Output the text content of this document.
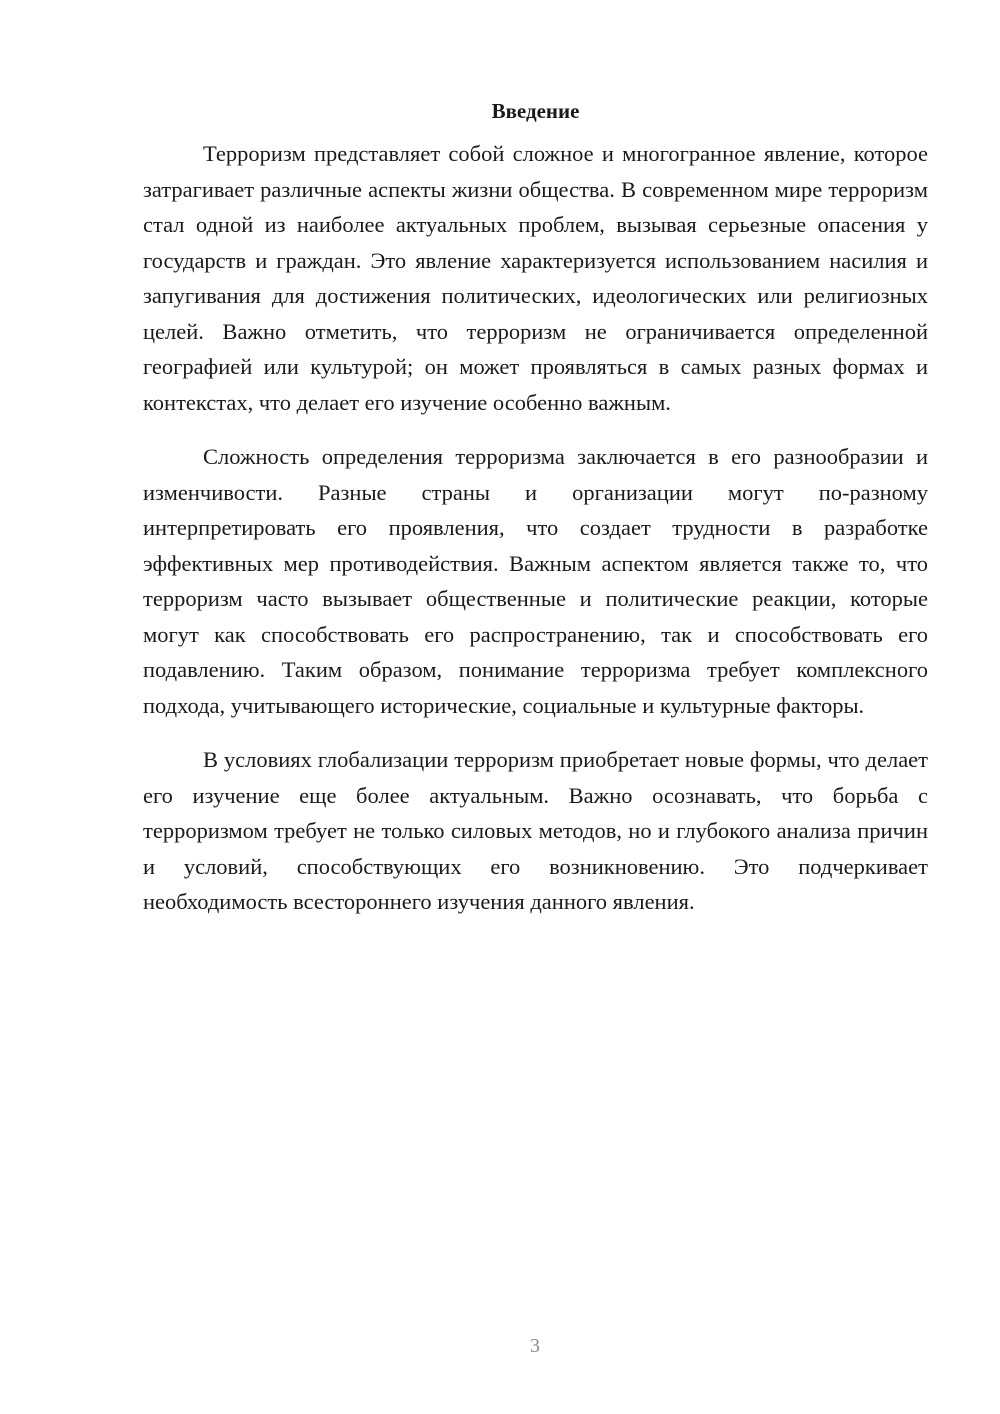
Введение

Терроризм представляет собой сложное и многогранное явление, которое затрагивает различные аспекты жизни общества. В современном мире терроризм стал одной из наиболее актуальных проблем, вызывая серьезные опасения у государств и граждан. Это явление характеризуется использованием насилия и запугивания для достижения политических, идеологических или религиозных целей. Важно отметить, что терроризм не ограничивается определенной географией или культурой; он может проявляться в самых разных формах и контекстах, что делает его изучение особенно важным.

Сложность определения терроризма заключается в его разнообразии и изменчивости. Разные страны и организации могут по-разному интерпретировать его проявления, что создает трудности в разработке эффективных мер противодействия. Важным аспектом является также то, что терроризм часто вызывает общественные и политические реакции, которые могут как способствовать его распространению, так и способствовать его подавлению. Таким образом, понимание терроризма требует комплексного подхода, учитывающего исторические, социальные и культурные факторы.

В условиях глобализации терроризм приобретает новые формы, что делает его изучение еще более актуальным. Важно осознавать, что борьба с терроризмом требует не только силовых методов, но и глубокого анализа причин и условий, способствующих его возникновению. Это подчеркивает необходимость всестороннего изучения данного явления.

3
